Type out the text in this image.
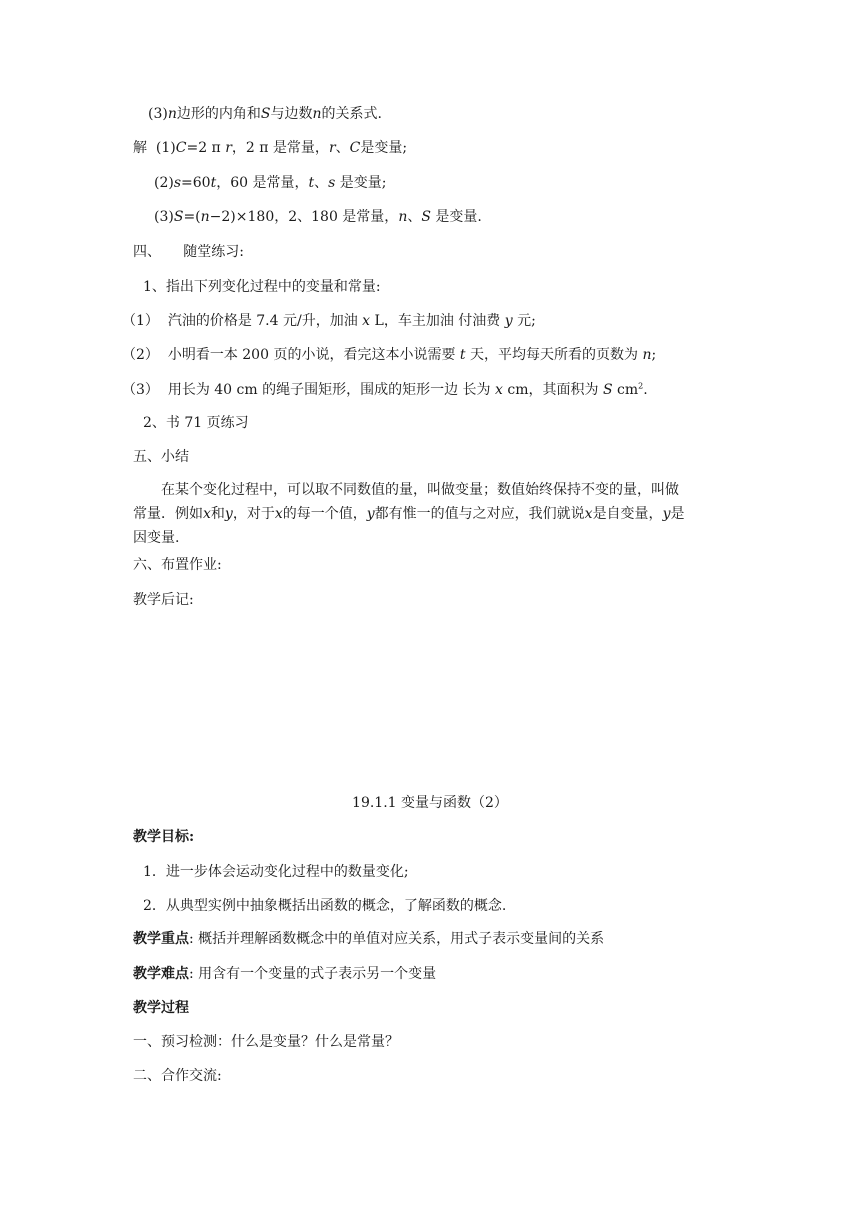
(3)n边形的内角和S与边数n的关系式.
解 (1)C=2 π r，2 π 是常量，r、C是变量;
(2)s=60t，60 是常量，t、s 是变量;
(3)S=(n−2)×180，2、180 是常量，n、S 是变量.
四、     随堂练习:
1、指出下列变化过程中的变量和常量:
（1） 汽油的价格是 7.4 元/升，加油 x L，车主加油 付油费 y 元;
（2） 小明看一本 200 页的小说，看完这本小说需要 t 天，平均每天所看的页数为 n;
（3） 用长为 40 cm 的绳子围矩形，围成的矩形一边 长为 x cm，其面积为 S $cm^2$.
2、书 71 页练习
五、小结
在某个变化过程中，可以取不同数值的量，叫做变量；数值始终保持不变的量，叫做
常量．例如x和y，对于x的每一个值，y都有惟一的值与之对应，我们就说x是自变量，y是
因变量.
六、布置作业:
教学后记:
19.1.1 变量与函数（2）
教学目标:
1．进一步体会运动变化过程中的数量变化;
2．从典型实例中抽象概括出函数的概念，了解函数的概念.
教学重点: 概括并理解函数概念中的单值对应关系，用式子表示变量间的关系
教学难点: 用含有一个变量的式子表示另一个变量
教学过程
一、预习检测：什么是变量？什么是常量？
二、合作交流:
